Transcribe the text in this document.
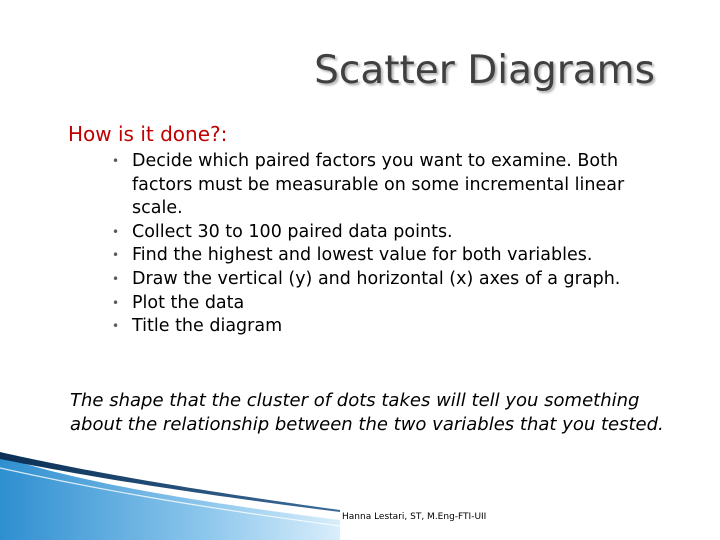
Scatter Diagrams
How is it done?:
• Decide which paired factors you want to examine. Both factors must be measurable on some incremental linear scale.
• Collect 30 to 100 paired data points.
• Find the highest and lowest value for both variables.
• Draw the vertical (y) and horizontal (x) axes of a graph.
• Plot the data
• Title the diagram

The shape that the cluster of dots takes will tell you something about the relationship between the two variables that you tested.

Hanna Lestari, ST, M.Eng-FTI-UII
